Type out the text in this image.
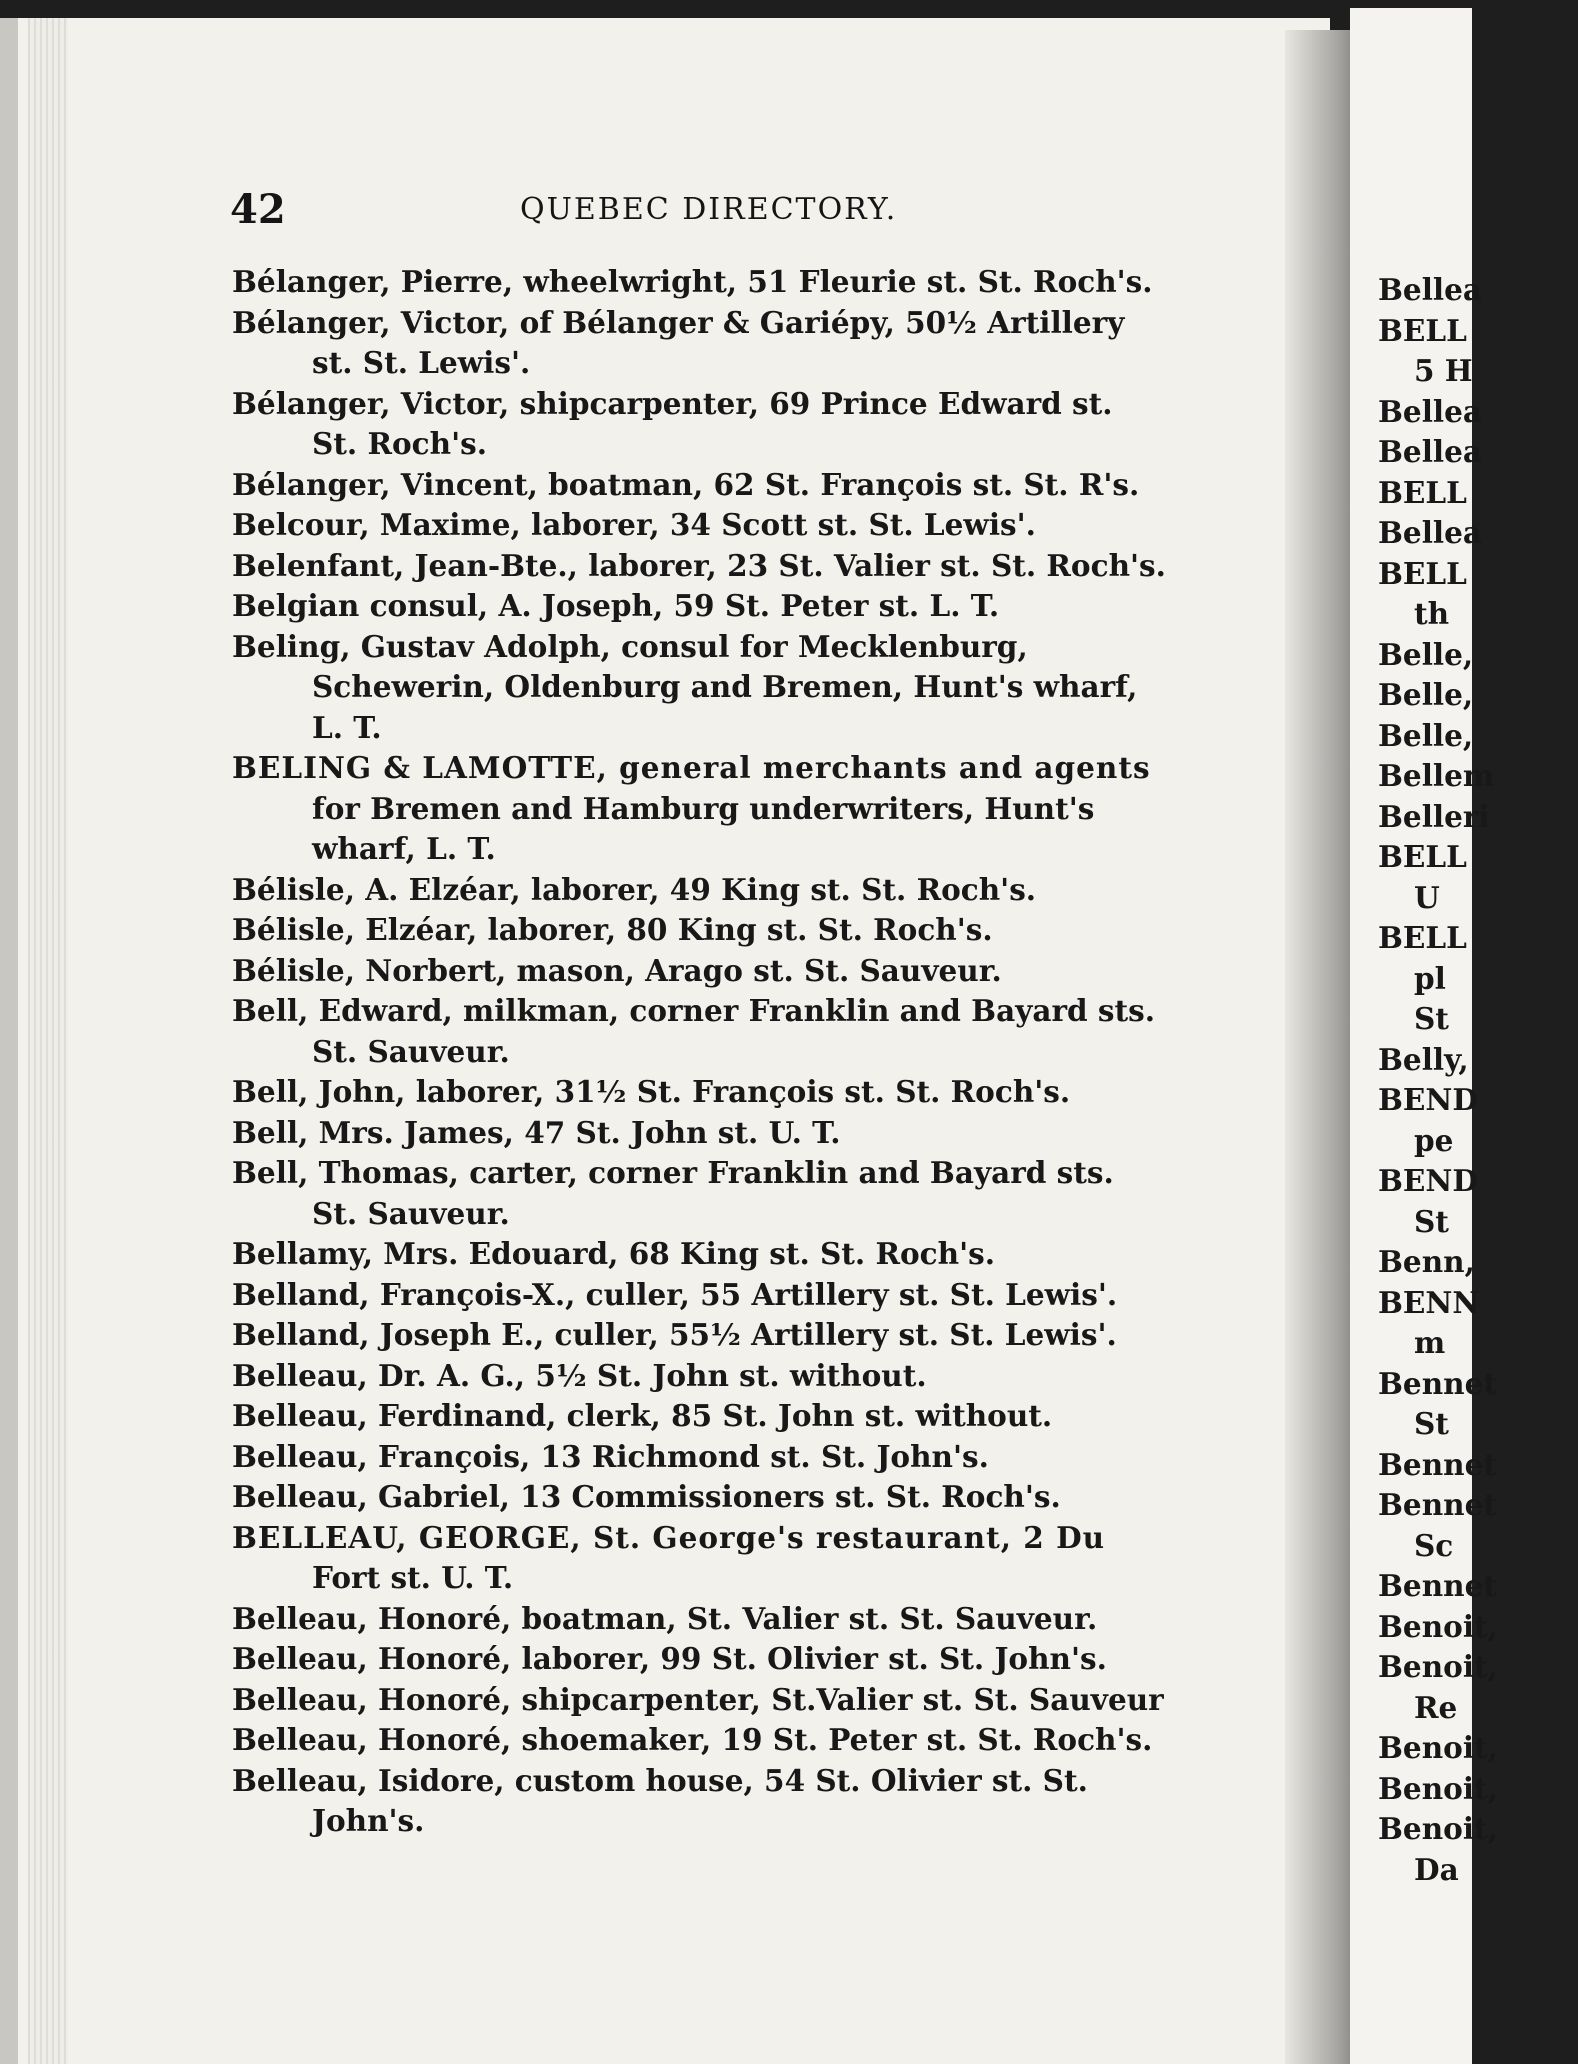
Bellea
BELL
5 H
Bellea
Bellea
BELL
Bellea
BELL
th
Belle,
Belle,
Belle,
Bellem
Belleri
BELL
U
BELL
pl
St
Belly,
BEND
pe
BEND
St
Benn,
BENN
m
Bennet
St
Bennet
Bennet
Sc
Bennet
Benoit,
Benoit,
Re
Benoit,
Benoit,
Benoit,
Da
42	QUEBEC DIRECTORY.
Bélanger, Pierre, wheelwright, 51 Fleurie st. St. Roch's.
Bélanger, Victor, of Bélanger & Gariépy, 50½ Artillery
st. St. Lewis'.
Bélanger, Victor, shipcarpenter, 69 Prince Edward st.
St. Roch's.
Bélanger, Vincent, boatman, 62 St. François st. St. R's.
Belcour, Maxime, laborer, 34 Scott st. St. Lewis'.
Belenfant, Jean-Bte., laborer, 23 St. Valier st. St. Roch's.
Belgian consul, A. Joseph, 59 St. Peter st. L. T.
Beling, Gustav Adolph, consul for Mecklenburg,
Schewerin, Oldenburg and Bremen, Hunt's wharf,
L. T.
BELING & LAMOTTE, general merchants and agents
for Bremen and Hamburg underwriters, Hunt's
wharf, L. T.
Bélisle, A. Elzéar, laborer, 49 King st. St. Roch's.
Bélisle, Elzéar, laborer, 80 King st. St. Roch's.
Bélisle, Norbert, mason, Arago st. St. Sauveur.
Bell, Edward, milkman, corner Franklin and Bayard sts.
St. Sauveur.
Bell, John, laborer, 31½ St. François st. St. Roch's.
Bell, Mrs. James, 47 St. John st. U. T.
Bell, Thomas, carter, corner Franklin and Bayard sts.
St. Sauveur.
Bellamy, Mrs. Edouard, 68 King st. St. Roch's.
Belland, François-X., culler, 55 Artillery st. St. Lewis'.
Belland, Joseph E., culler, 55½ Artillery st. St. Lewis'.
Belleau, Dr. A. G., 5½ St. John st. without.
Belleau, Ferdinand, clerk, 85 St. John st. without.
Belleau, François, 13 Richmond st. St. John's.
Belleau, Gabriel, 13 Commissioners st. St. Roch's.
BELLEAU, GEORGE, St. George's restaurant, 2 Du
Fort st. U. T.
Belleau, Honoré, boatman, St. Valier st. St. Sauveur.
Belleau, Honoré, laborer, 99 St. Olivier st. St. John's.
Belleau, Honoré, shipcarpenter, St.Valier st. St. Sauveur
Belleau, Honoré, shoemaker, 19 St. Peter st. St. Roch's.
Belleau, Isidore, custom house, 54 St. Olivier st. St.
John's.
